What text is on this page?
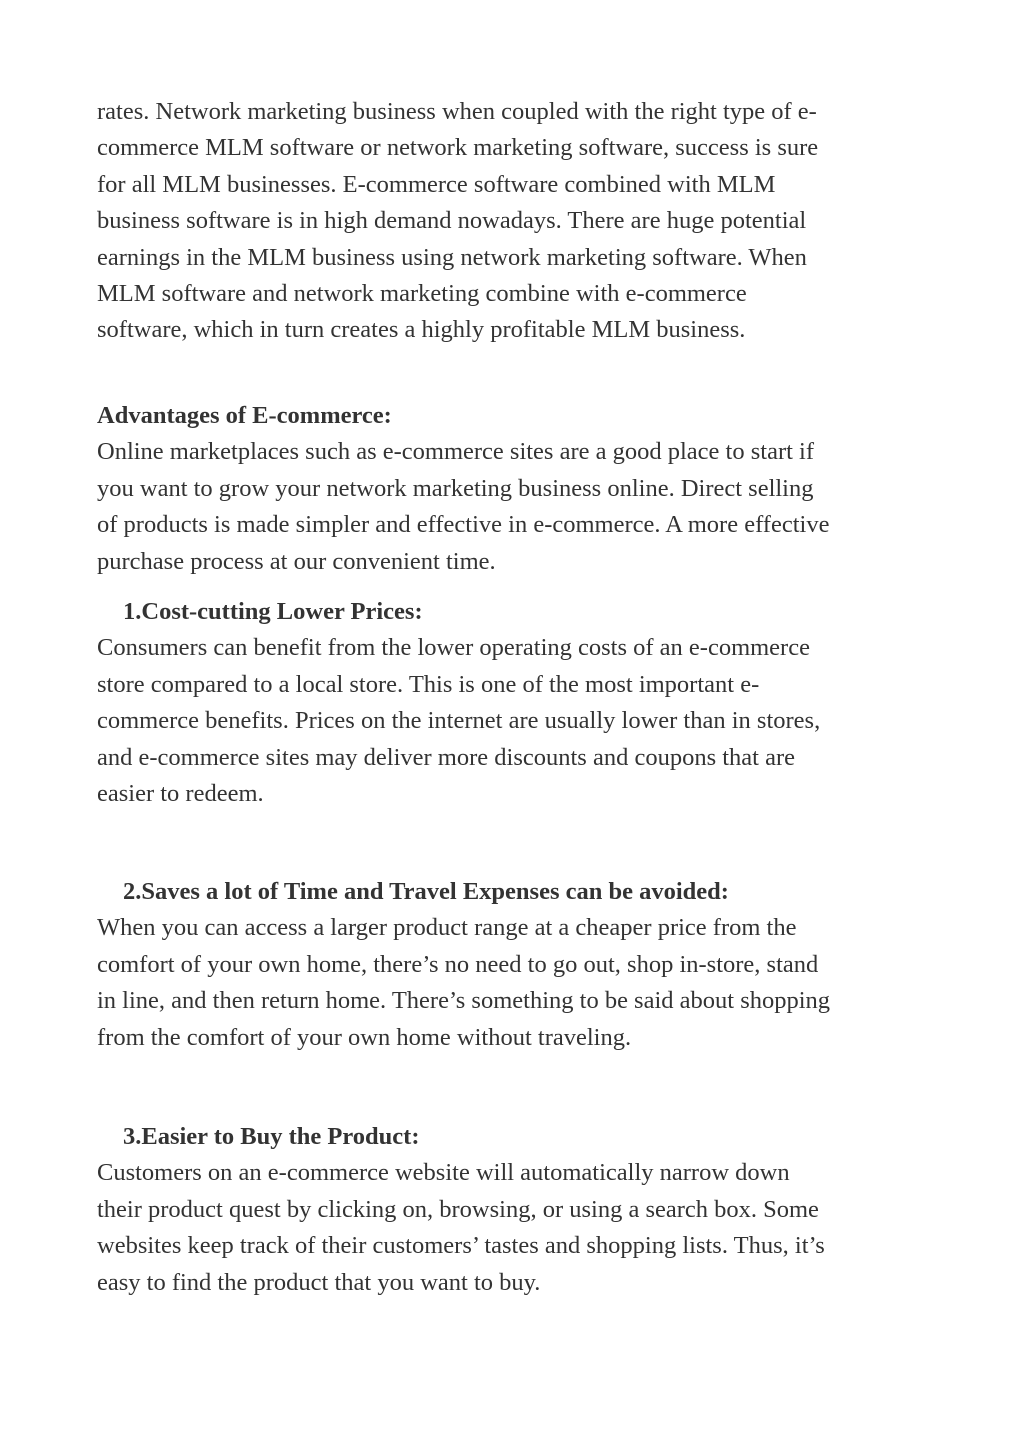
rates. Network marketing business when coupled with the right type of e-
commerce MLM software or network marketing software, success is sure
for all MLM businesses. E-commerce software combined with MLM
business software is in high demand nowadays. There are huge potential
earnings in the MLM business using network marketing software. When
MLM software and network marketing combine with e-commerce
software, which in turn creates a highly profitable MLM business.
Advantages of E-commerce:
Online marketplaces such as e-commerce sites are a good place to start if
you want to grow your network marketing business online. Direct selling
of products is made simpler and effective in e-commerce. A more effective
purchase process at our convenient time.
1.Cost-cutting Lower Prices:
Consumers can benefit from the lower operating costs of an e-commerce
store compared to a local store. This is one of the most important e-
commerce benefits. Prices on the internet are usually lower than in stores,
and e-commerce sites may deliver more discounts and coupons that are
easier to redeem.
2.Saves a lot of Time and Travel Expenses can be avoided:
When you can access a larger product range at a cheaper price from the
comfort of your own home, there’s no need to go out, shop in-store, stand
in line, and then return home. There’s something to be said about shopping
from the comfort of your own home without traveling.
3.Easier to Buy the Product:
Customers on an e-commerce website will automatically narrow down
their product quest by clicking on, browsing, or using a search box. Some
websites keep track of their customers’ tastes and shopping lists. Thus, it’s
easy to find the product that you want to buy.
